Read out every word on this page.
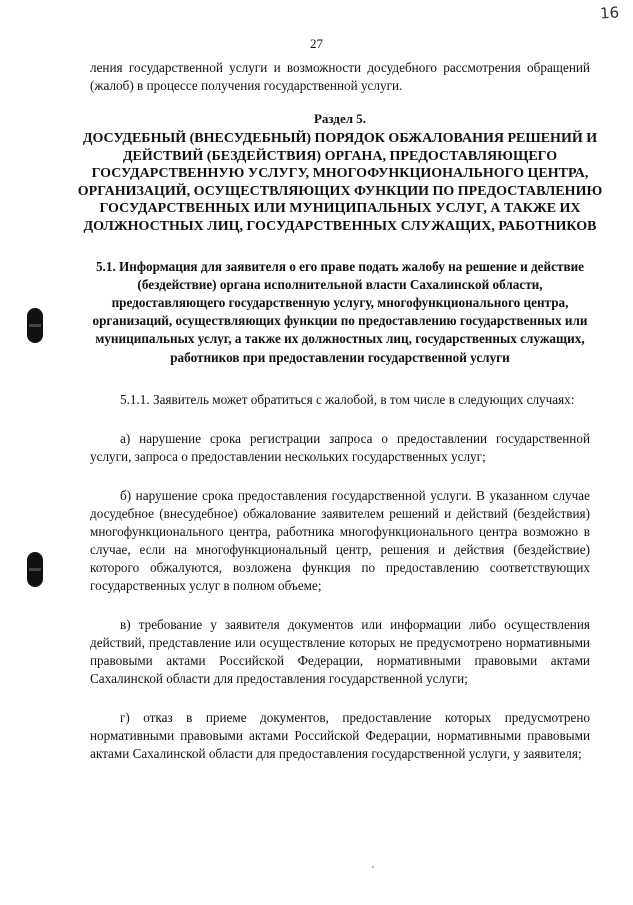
16
27

ления государственной услуги и возможности досудебного рассмотрения обращений (жалоб) в процессе получения государственной услуги.

Раздел 5.
ДОСУДЕБНЫЙ (ВНЕСУДЕБНЫЙ) ПОРЯДОК ОБЖАЛОВАНИЯ РЕШЕНИЙ И ДЕЙСТВИЙ (БЕЗДЕЙСТВИЯ) ОРГАНА, ПРЕДОСТАВЛЯЮЩЕГО ГОСУДАРСТВЕННУЮ УСЛУГУ, МНОГОФУНКЦИОНАЛЬНОГО ЦЕНТРА, ОРГАНИЗАЦИЙ, ОСУЩЕСТВЛЯЮЩИХ ФУНКЦИИ ПО ПРЕДОСТАВЛЕНИЮ ГОСУДАРСТВЕННЫХ ИЛИ МУНИЦИПАЛЬНЫХ УСЛУГ, А ТАКЖЕ ИХ ДОЛЖНОСТНЫХ ЛИЦ, ГОСУДАРСТВЕННЫХ СЛУЖАЩИХ, РАБОТНИКОВ
5.1. Информация для заявителя о его праве подать жалобу на решение и действие (бездействие) органа исполнительной власти Сахалинской области, предоставляющего государственную услугу, многофункционального центра, организаций, осуществляющих функции по предоставлению государственных или муниципальных услуг, а также их должностных лиц, государственных служащих, работников при предоставлении государственной услуги

5.1.1. Заявитель может обратиться с жалобой, в том числе в следующих случаях:

а) нарушение срока регистрации запроса о предоставлении государственной услуги, запроса о предоставлении нескольких государственных услуг;

б) нарушение срока предоставления государственной услуги. В указанном случае досудебное (внесудебное) обжалование заявителем решений и действий (бездействия) многофункционального центра, работника многофункционального центра возможно в случае, если на многофункциональный центр, решения и действия (бездействие) которого обжалуются, возложена функция по предоставлению соответствующих государственных услуг в полном объеме;

в) требование у заявителя документов или информации либо осуществления действий, представление или осуществление которых не предусмотрено нормативными правовыми актами Российской Федерации, нормативными правовыми актами Сахалинской области для предоставления государственной услуги;

г) отказ в приеме документов, предоставление которых предусмотрено нормативными правовыми актами Российской Федерации, нормативными правовыми актами Сахалинской области для предоставления государственной услуги, у заявителя;
